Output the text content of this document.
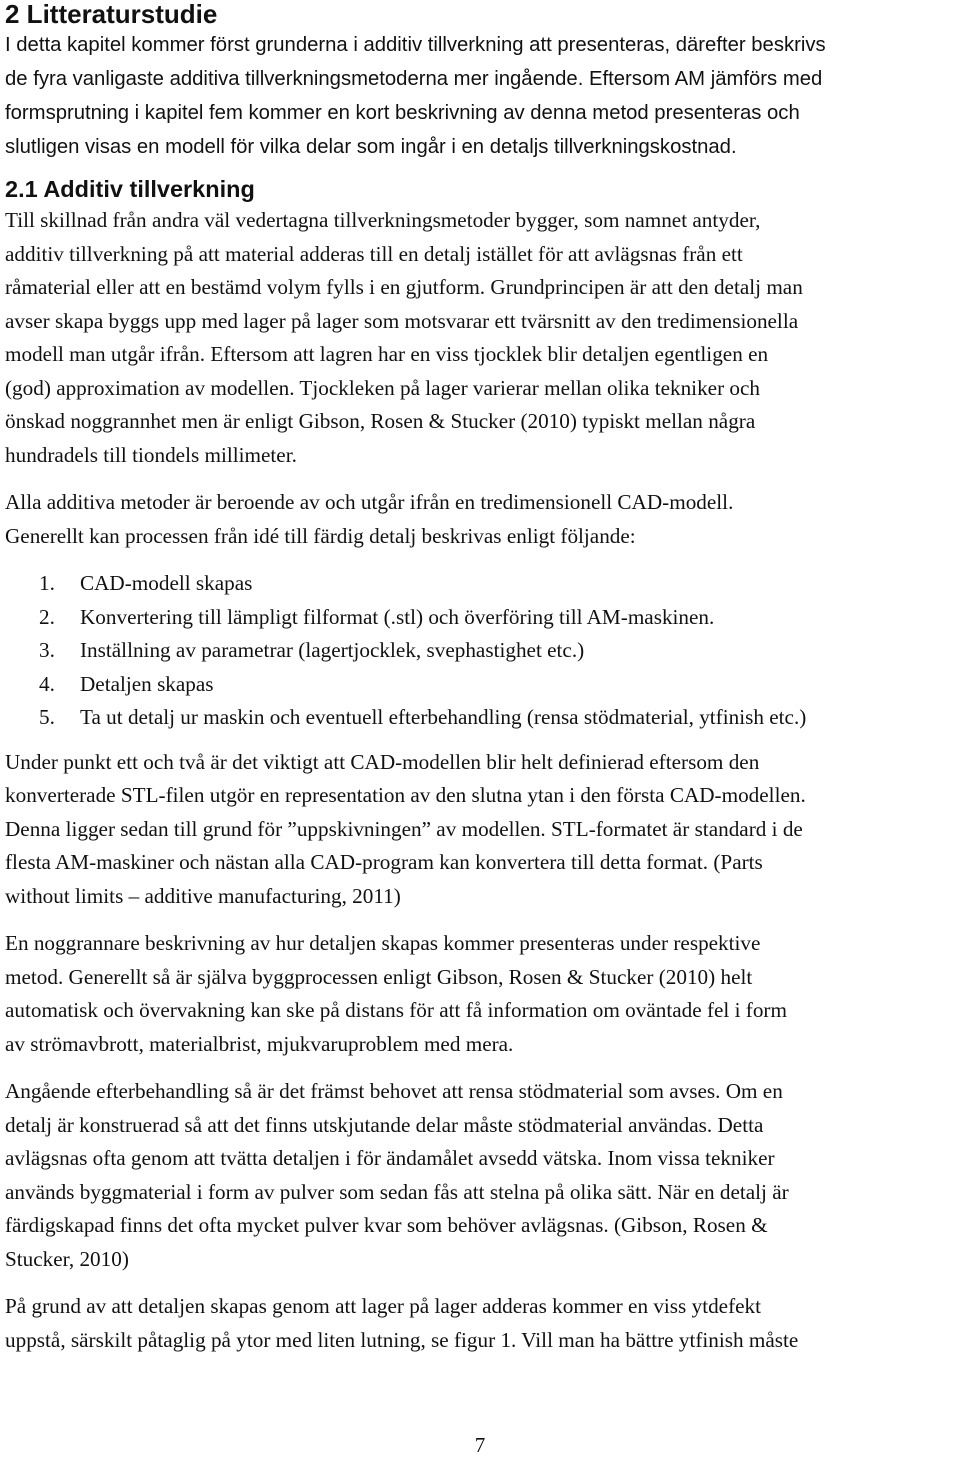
2 Litteraturstudie

I detta kapitel kommer först grunderna i additiv tillverkning att presenteras, därefter beskrivs
de fyra vanligaste additiva tillverkningsmetoderna mer ingående. Eftersom AM jämförs med
formsprutning i kapitel fem kommer en kort beskrivning av denna metod presenteras och
slutligen visas en modell för vilka delar som ingår i en detaljs tillverkningskostnad.

2.1 Additiv tillverkning

Till skillnad från andra väl vedertagna tillverkningsmetoder bygger, som namnet antyder,
additiv tillverkning på att material adderas till en detalj istället för att avlägsnas från ett
råmaterial eller att en bestämd volym fylls i en gjutform. Grundprincipen är att den detalj man
avser skapa byggs upp med lager på lager som motsvarar ett tvärsnitt av den tredimensionella
modell man utgår ifrån. Eftersom att lagren har en viss tjocklek blir detaljen egentligen en
(god) approximation av modellen. Tjockleken på lager varierar mellan olika tekniker och
önskad noggrannhet men är enligt Gibson, Rosen & Stucker (2010) typiskt mellan några
hundradels till tiondels millimeter.

Alla additiva metoder är beroende av och utgår ifrån en tredimensionell CAD-modell.
Generellt kan processen från idé till färdig detalj beskrivas enligt följande:

1.	CAD-modell skapas
2.	Konvertering till lämpligt filformat (.stl) och överföring till AM-maskinen.
3.	Inställning av parametrar (lagertjocklek, svephastighet etc.)
4.	Detaljen skapas
5.	Ta ut detalj ur maskin och eventuell efterbehandling (rensa stödmaterial, ytfinish etc.)

Under punkt ett och två är det viktigt att CAD-modellen blir helt definierad eftersom den
konverterade STL-filen utgör en representation av den slutna ytan i den första CAD-modellen.
Denna ligger sedan till grund för ”uppskivningen” av modellen. STL-formatet är standard i de
flesta AM-maskiner och nästan alla CAD-program kan konvertera till detta format. (Parts
without limits – additive manufacturing, 2011)

En noggrannare beskrivning av hur detaljen skapas kommer presenteras under respektive
metod. Generellt så är själva byggprocessen enligt Gibson, Rosen & Stucker (2010) helt
automatisk och övervakning kan ske på distans för att få information om oväntade fel i form
av strömavbrott, materialbrist, mjukvaruproblem med mera.

Angående efterbehandling så är det främst behovet att rensa stödmaterial som avses. Om en
detalj är konstruerad så att det finns utskjutande delar måste stödmaterial användas. Detta
avlägsnas ofta genom att tvätta detaljen i för ändamålet avsedd vätska. Inom vissa tekniker
används byggmaterial i form av pulver som sedan fås att stelna på olika sätt. När en detalj är
färdigskapad finns det ofta mycket pulver kvar som behöver avlägsnas. (Gibson, Rosen &
Stucker, 2010)

På grund av att detaljen skapas genom att lager på lager adderas kommer en viss ytdefekt
uppstå, särskilt påtaglig på ytor med liten lutning, se figur 1. Vill man ha bättre ytfinish måste

7
